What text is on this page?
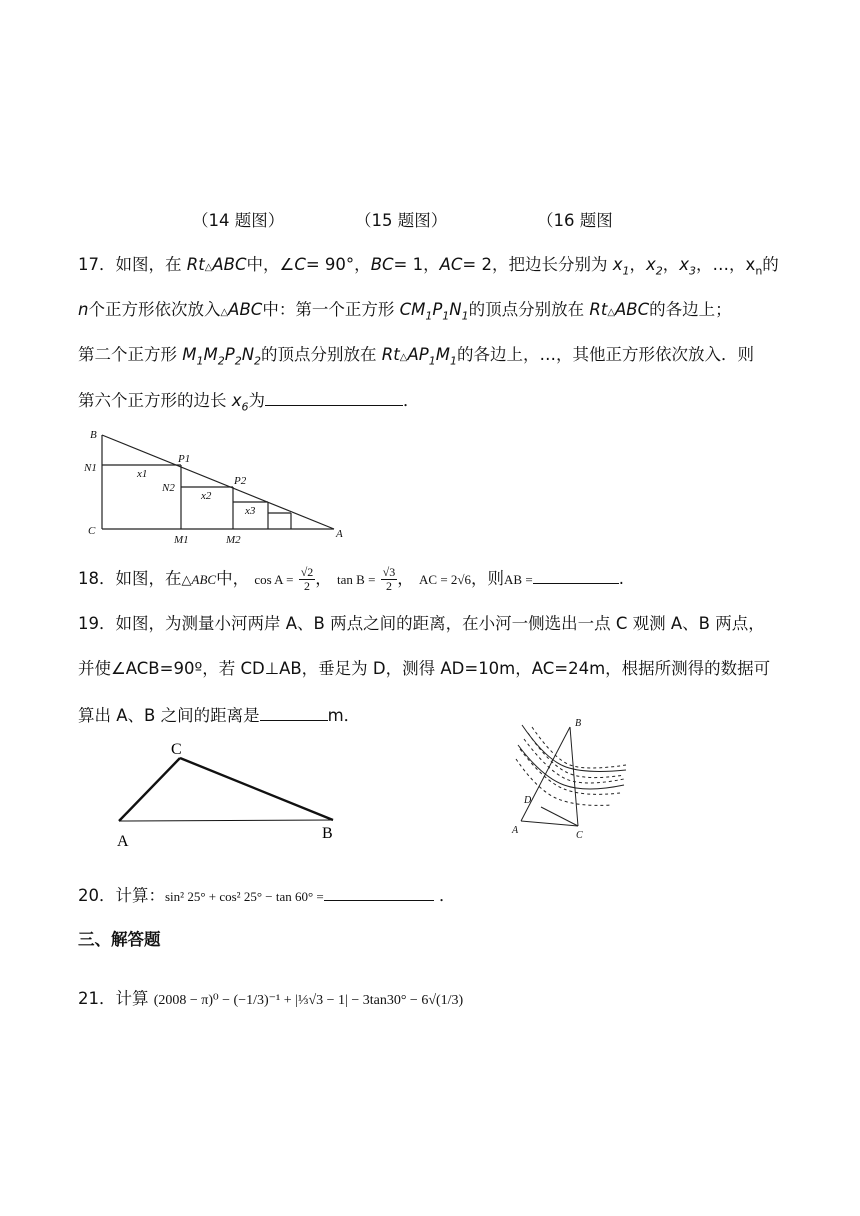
（14 题图）	（15 题图）	（16 题图
17．如图，在 Rt△ABC中，∠C= 90°，BC= 1，AC= 2，把边长分别为 $x_1$，$x_2$，$x_3$，…，$x_n$的
n个正方形依次放入△ABC中：第一个正方形 $CM_1P_1N_1$的顶点分别放在 Rt△ABC的各边上；
第二个正方形 $M_1M_2P_2N_2$的顶点分别放在 $Rt\triangle AP_1M_1$的各边上，…，其他正方形依次放入．则
第六个正方形的边长 $x_6$为	．
B
N1
P1
x1
N2
x2
P2
x3
C
M1	M2	A
18．如图，在△ABC中， $\cos A = \frac{√2}{2}$ ， $\tan B = \frac{√3}{2}$ ， AC = 2√6，则AB =	.
19．如图，为测量小河两岸 A、B 两点之间的距离，在小河一侧选出一点 C 观测 A、B 两点，
并使∠ACB=90º，若 CD⊥AB，垂足为 D，测得 AD=10m，AC=24m，根据所测得的数据可
算出 A、B 之间的距离是	m．
C
A	B
B
D
A	C
20．计算：sin² 25° + cos² 25° − tan 60° =	．
三、解答题
21．计算 (2008 − π)⁰ − (−1/3)⁻¹ + |⅓√3 − 1| − 3tan30° − 6√(1/3)
